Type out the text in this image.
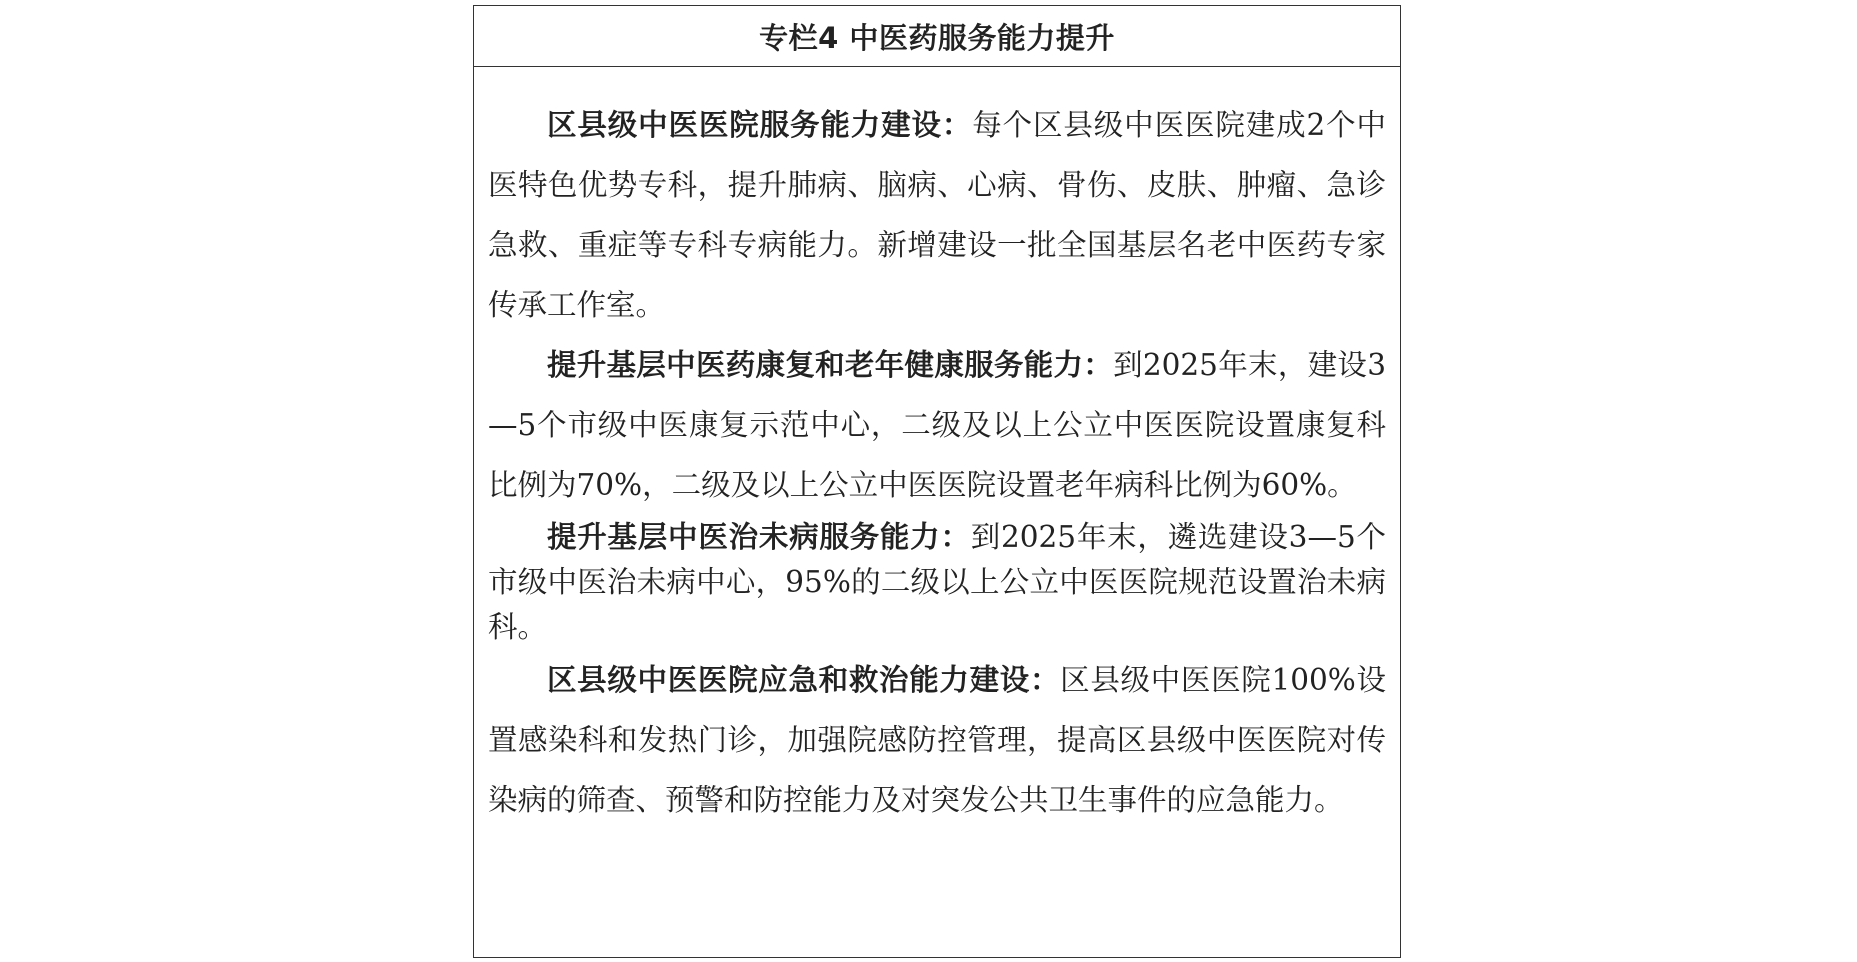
专栏4 中医药服务能力提升

区县级中医医院服务能力建设：每个区县级中医医院建成2个中医特色优势专科，提升肺病、脑病、心病、骨伤、皮肤、肿瘤、急诊急救、重症等专科专病能力。新增建设一批全国基层名老中医药专家传承工作室。

提升基层中医药康复和老年健康服务能力：到2025年末，建设3—5个市级中医康复示范中心，二级及以上公立中医医院设置康复科比例为70%，二级及以上公立中医医院设置老年病科比例为60%。

提升基层中医治未病服务能力：到2025年末，遴选建设3—5个市级中医治未病中心，95%的二级以上公立中医医院规范设置治未病科。

区县级中医医院应急和救治能力建设：区县级中医医院100%设置感染科和发热门诊，加强院感防控管理，提高区县级中医医院对传染病的筛查、预警和防控能力及对突发公共卫生事件的应急能力。
